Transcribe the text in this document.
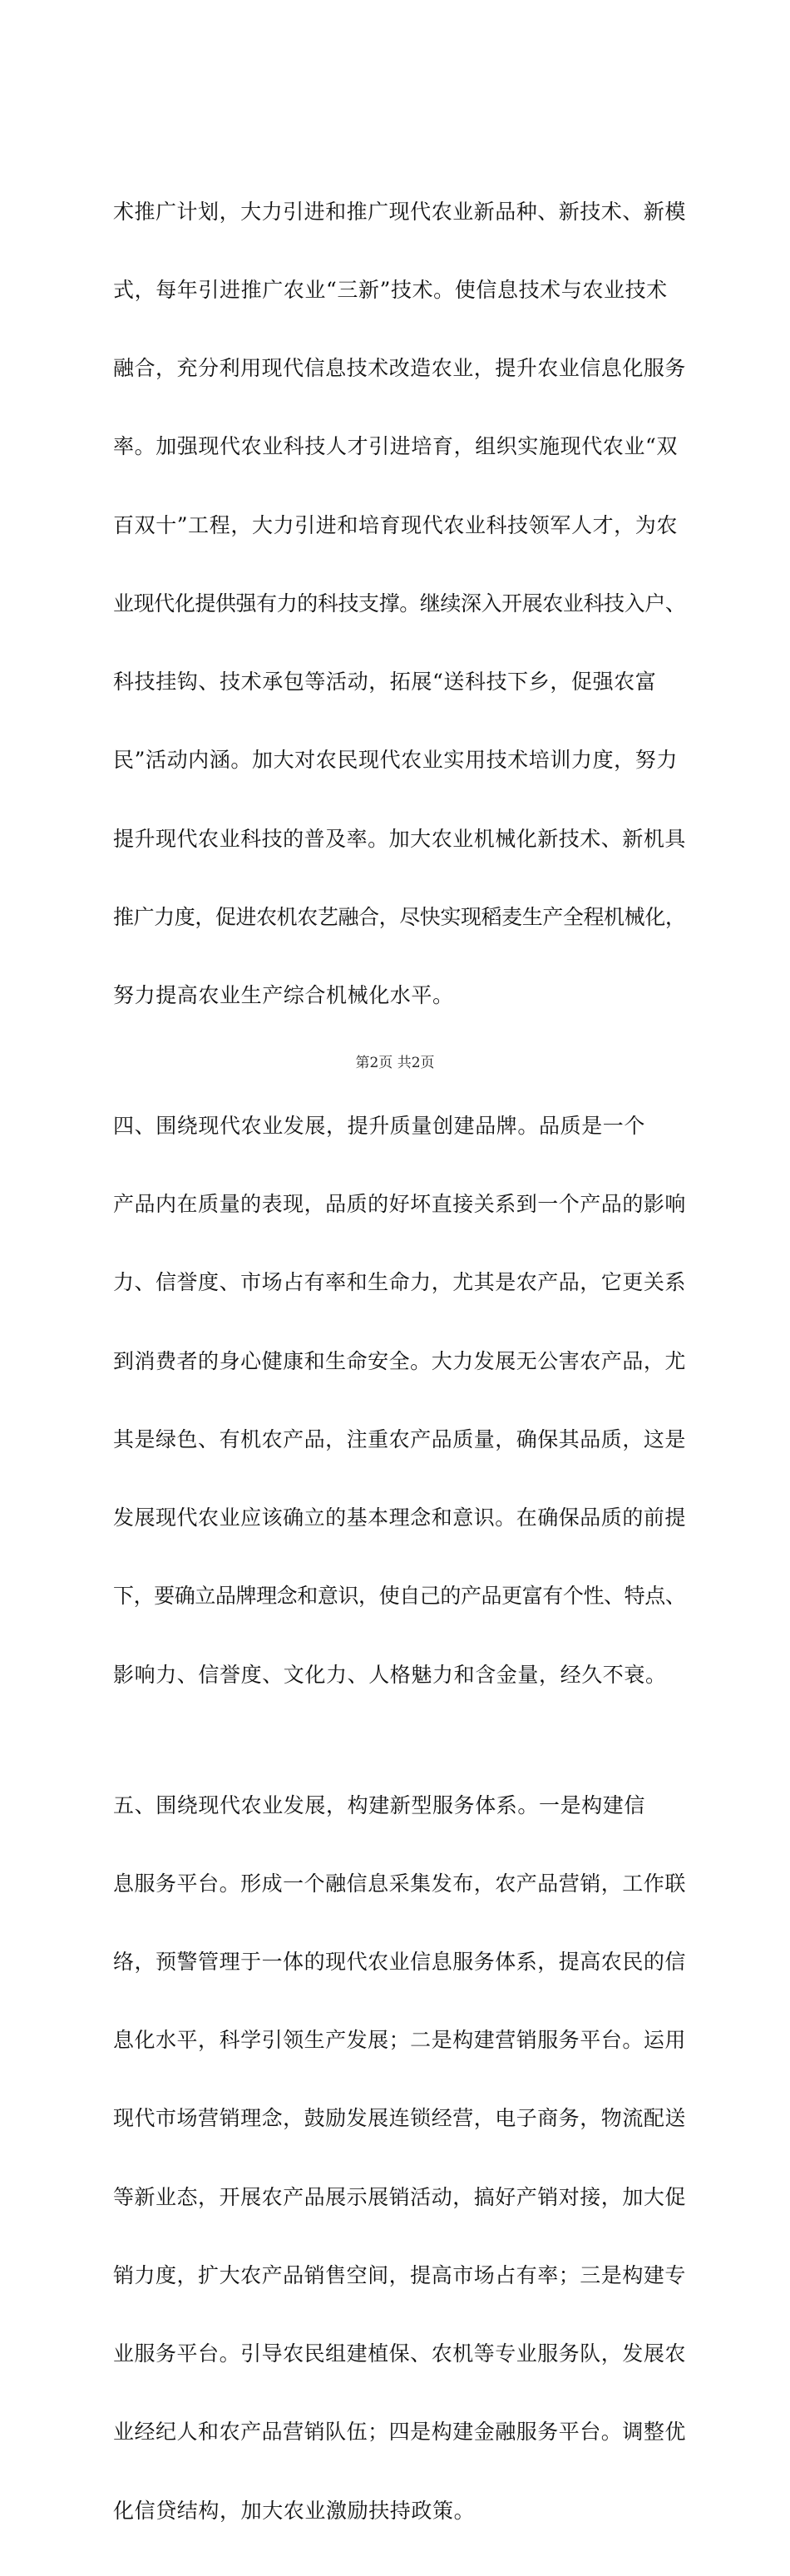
术推广计划，大力引进和推广现代农业新品种、新技术、新模

式，每年引进推广农业“三新”技术。使信息技术与农业技术

融合，充分利用现代信息技术改造农业，提升农业信息化服务

率。加强现代农业科技人才引进培育，组织实施现代农业“双

百双十”工程，大力引进和培育现代农业科技领军人才，为农

业现代化提供强有力的科技支撑。继续深入开展农业科技入户、

科技挂钩、技术承包等活动，拓展“送科技下乡，促强农富

民”活动内涵。加大对农民现代农业实用技术培训力度，努力

提升现代农业科技的普及率。加大农业机械化新技术、新机具

推广力度，促进农机农艺融合，尽快实现稻麦生产全程机械化，

努力提高农业生产综合机械化水平。

四、围绕现代农业发展，提升质量创建品牌。品质是一个

产品内在质量的表现，品质的好坏直接关系到一个产品的影响

力、信誉度、市场占有率和生命力，尤其是农产品，它更关系

到消费者的身心健康和生命安全。大力发展无公害农产品，尤

其是绿色、有机农产品，注重农产品质量，确保其品质，这是

发展现代农业应该确立的基本理念和意识。在确保品质的前提

下，要确立品牌理念和意识，使自己的产品更富有个性、特点、

影响力、信誉度、文化力、人格魅力和含金量，经久不衰。

五、围绕现代农业发展，构建新型服务体系。一是构建信

息服务平台。形成一个融信息采集发布，农产品营销，工作联

络，预警管理于一体的现代农业信息服务体系，提高农民的信

息化水平，科学引领生产发展；二是构建营销服务平台。运用

现代市场营销理念，鼓励发展连锁经营，电子商务，物流配送

等新业态，开展农产品展示展销活动，搞好产销对接，加大促

销力度，扩大农产品销售空间，提高市场占有率；三是构建专

业服务平台。引导农民组建植保、农机等专业服务队，发展农

业经纪人和农产品营销队伍；四是构建金融服务平台。调整优

化信贷结构，加大农业激励扶持政策。

第2页 共2页
